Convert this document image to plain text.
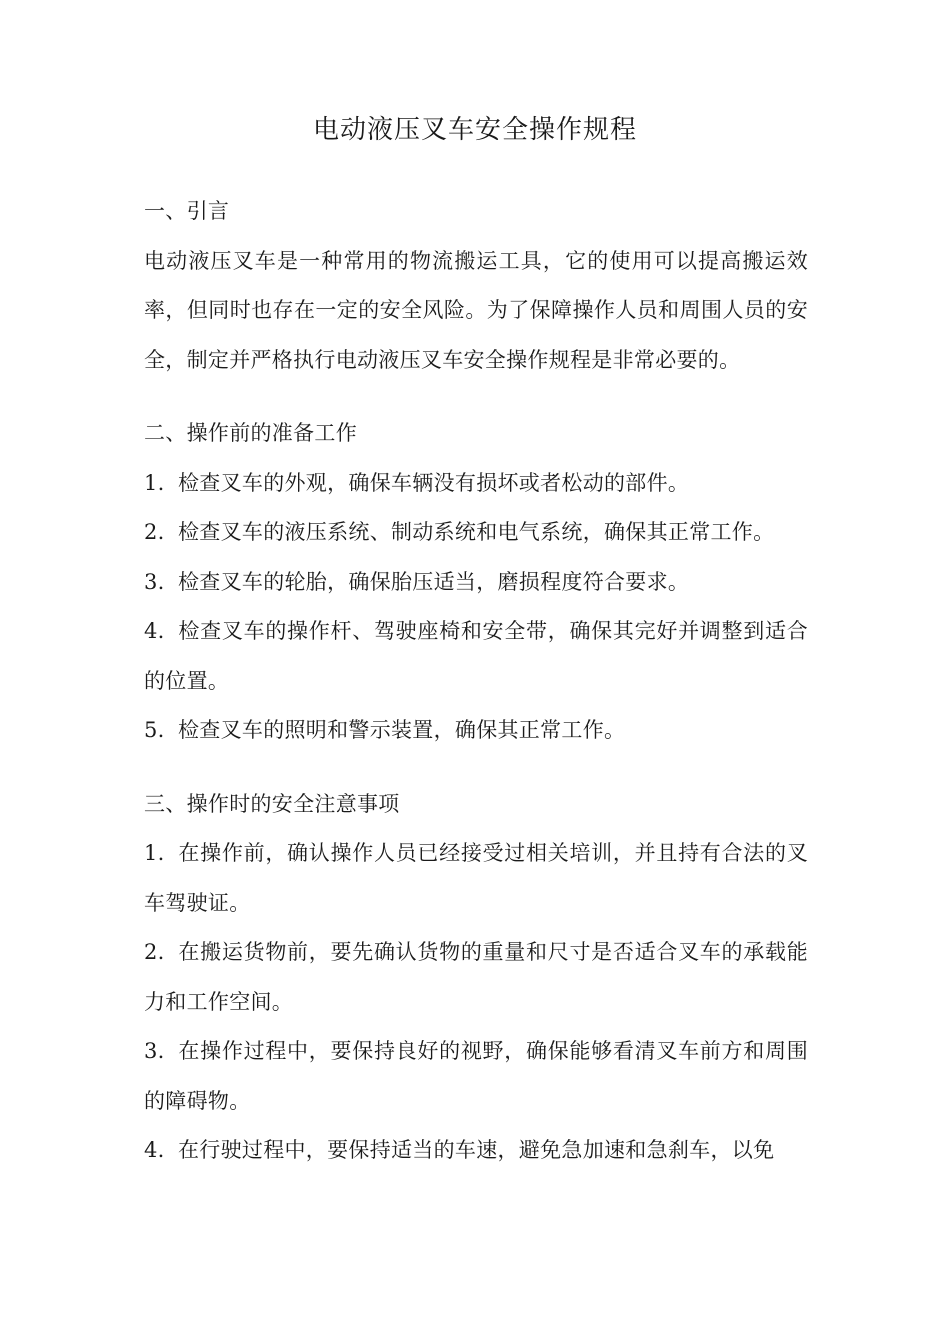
电动液压叉车安全操作规程

一、引言

电动液压叉车是一种常用的物流搬运工具，它的使用可以提高搬运效率，但同时也存在一定的安全风险。为了保障操作人员和周围人员的安全，制定并严格执行电动液压叉车安全操作规程是非常必要的。

二、操作前的准备工作

1. 检查叉车的外观，确保车辆没有损坏或者松动的部件。

2. 检查叉车的液压系统、制动系统和电气系统，确保其正常工作。

3. 检查叉车的轮胎，确保胎压适当，磨损程度符合要求。

4. 检查叉车的操作杆、驾驶座椅和安全带，确保其完好并调整到适合的位置。

5. 检查叉车的照明和警示装置，确保其正常工作。

三、操作时的安全注意事项

1. 在操作前，确认操作人员已经接受过相关培训，并且持有合法的叉车驾驶证。

2. 在搬运货物前，要先确认货物的重量和尺寸是否适合叉车的承载能力和工作空间。

3. 在操作过程中，要保持良好的视野，确保能够看清叉车前方和周围的障碍物。

4. 在行驶过程中，要保持适当的车速，避免急加速和急刹车，以免
